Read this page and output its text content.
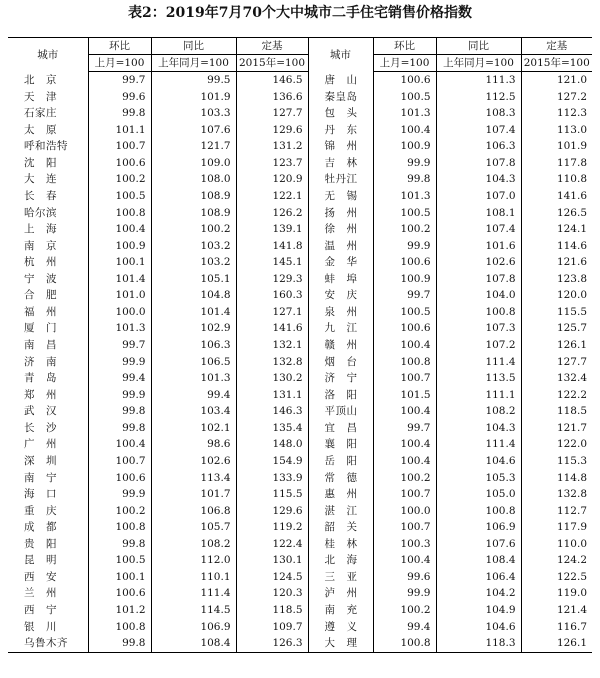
表2：2019年7月70个大中城市二手住宅销售价格指数
城市	环比	同比	定基	城市	环比	同比	定基
	上月=100	上年同月=100	2015年=100		上月=100	上年同月=100	2015年=100
北　京	99.7	99.5	146.5	唐　山	100.6	111.3	121.0
天　津	99.6	101.9	136.6	秦皇岛	100.5	112.5	127.2
石家庄	99.8	103.3	127.7	包　头	101.3	108.3	112.3
太　原	101.1	107.6	129.6	丹　东	100.4	107.4	113.0
呼和浩特	100.7	121.7	131.2	锦　州	100.9	106.3	101.9
沈　阳	100.6	109.0	123.7	吉　林	99.9	107.8	117.8
大　连	100.2	108.0	120.9	牡丹江	99.8	104.3	110.8
长　春	100.5	108.9	122.1	无　锡	101.3	107.0	141.6
哈尔滨	100.8	108.9	126.2	扬　州	100.5	108.1	126.5
上　海	100.4	100.2	139.1	徐　州	100.2	107.4	124.1
南　京	100.9	103.2	141.8	温　州	99.9	101.6	114.6
杭　州	100.1	103.2	145.1	金　华	100.6	102.6	121.6
宁　波	101.4	105.1	129.3	蚌　埠	100.9	107.8	123.8
合　肥	101.0	104.8	160.3	安　庆	99.7	104.0	120.0
福　州	100.0	101.4	127.1	泉　州	100.5	100.8	115.5
厦　门	101.3	102.9	141.6	九　江	100.6	107.3	125.7
南　昌	99.7	106.3	132.1	赣　州	100.4	107.2	126.1
济　南	99.9	106.5	132.8	烟　台	100.8	111.4	127.7
青　岛	99.4	101.3	130.2	济　宁	100.7	113.5	132.4
郑　州	99.9	99.4	131.1	洛　阳	101.5	111.1	122.2
武　汉	99.8	103.4	146.3	平顶山	100.4	108.2	118.5
长　沙	99.8	102.1	135.4	宜　昌	99.7	104.3	121.7
广　州	100.4	98.6	148.0	襄　阳	100.4	111.4	122.0
深　圳	100.7	102.6	154.9	岳　阳	100.4	104.6	115.3
南　宁	100.6	113.4	133.9	常　德	100.2	105.3	114.8
海　口	99.9	101.7	115.5	惠　州	100.7	105.0	132.8
重　庆	100.2	106.8	129.6	湛　江	100.0	100.8	112.7
成　都	100.8	105.7	119.2	韶　关	100.7	106.9	117.9
贵　阳	99.8	108.2	122.4	桂　林	100.3	107.6	110.0
昆　明	100.5	112.0	130.1	北　海	100.4	108.4	124.2
西　安	100.1	110.1	124.5	三　亚	99.6	106.4	122.5
兰　州	100.6	111.4	120.3	泸　州	99.9	104.2	119.0
西　宁	101.2	114.5	118.5	南　充	100.2	104.9	121.4
银　川	100.8	106.9	109.7	遵　义	99.4	104.6	116.7
乌鲁木齐	99.8	108.4	126.3	大　理	100.8	118.3	126.1
